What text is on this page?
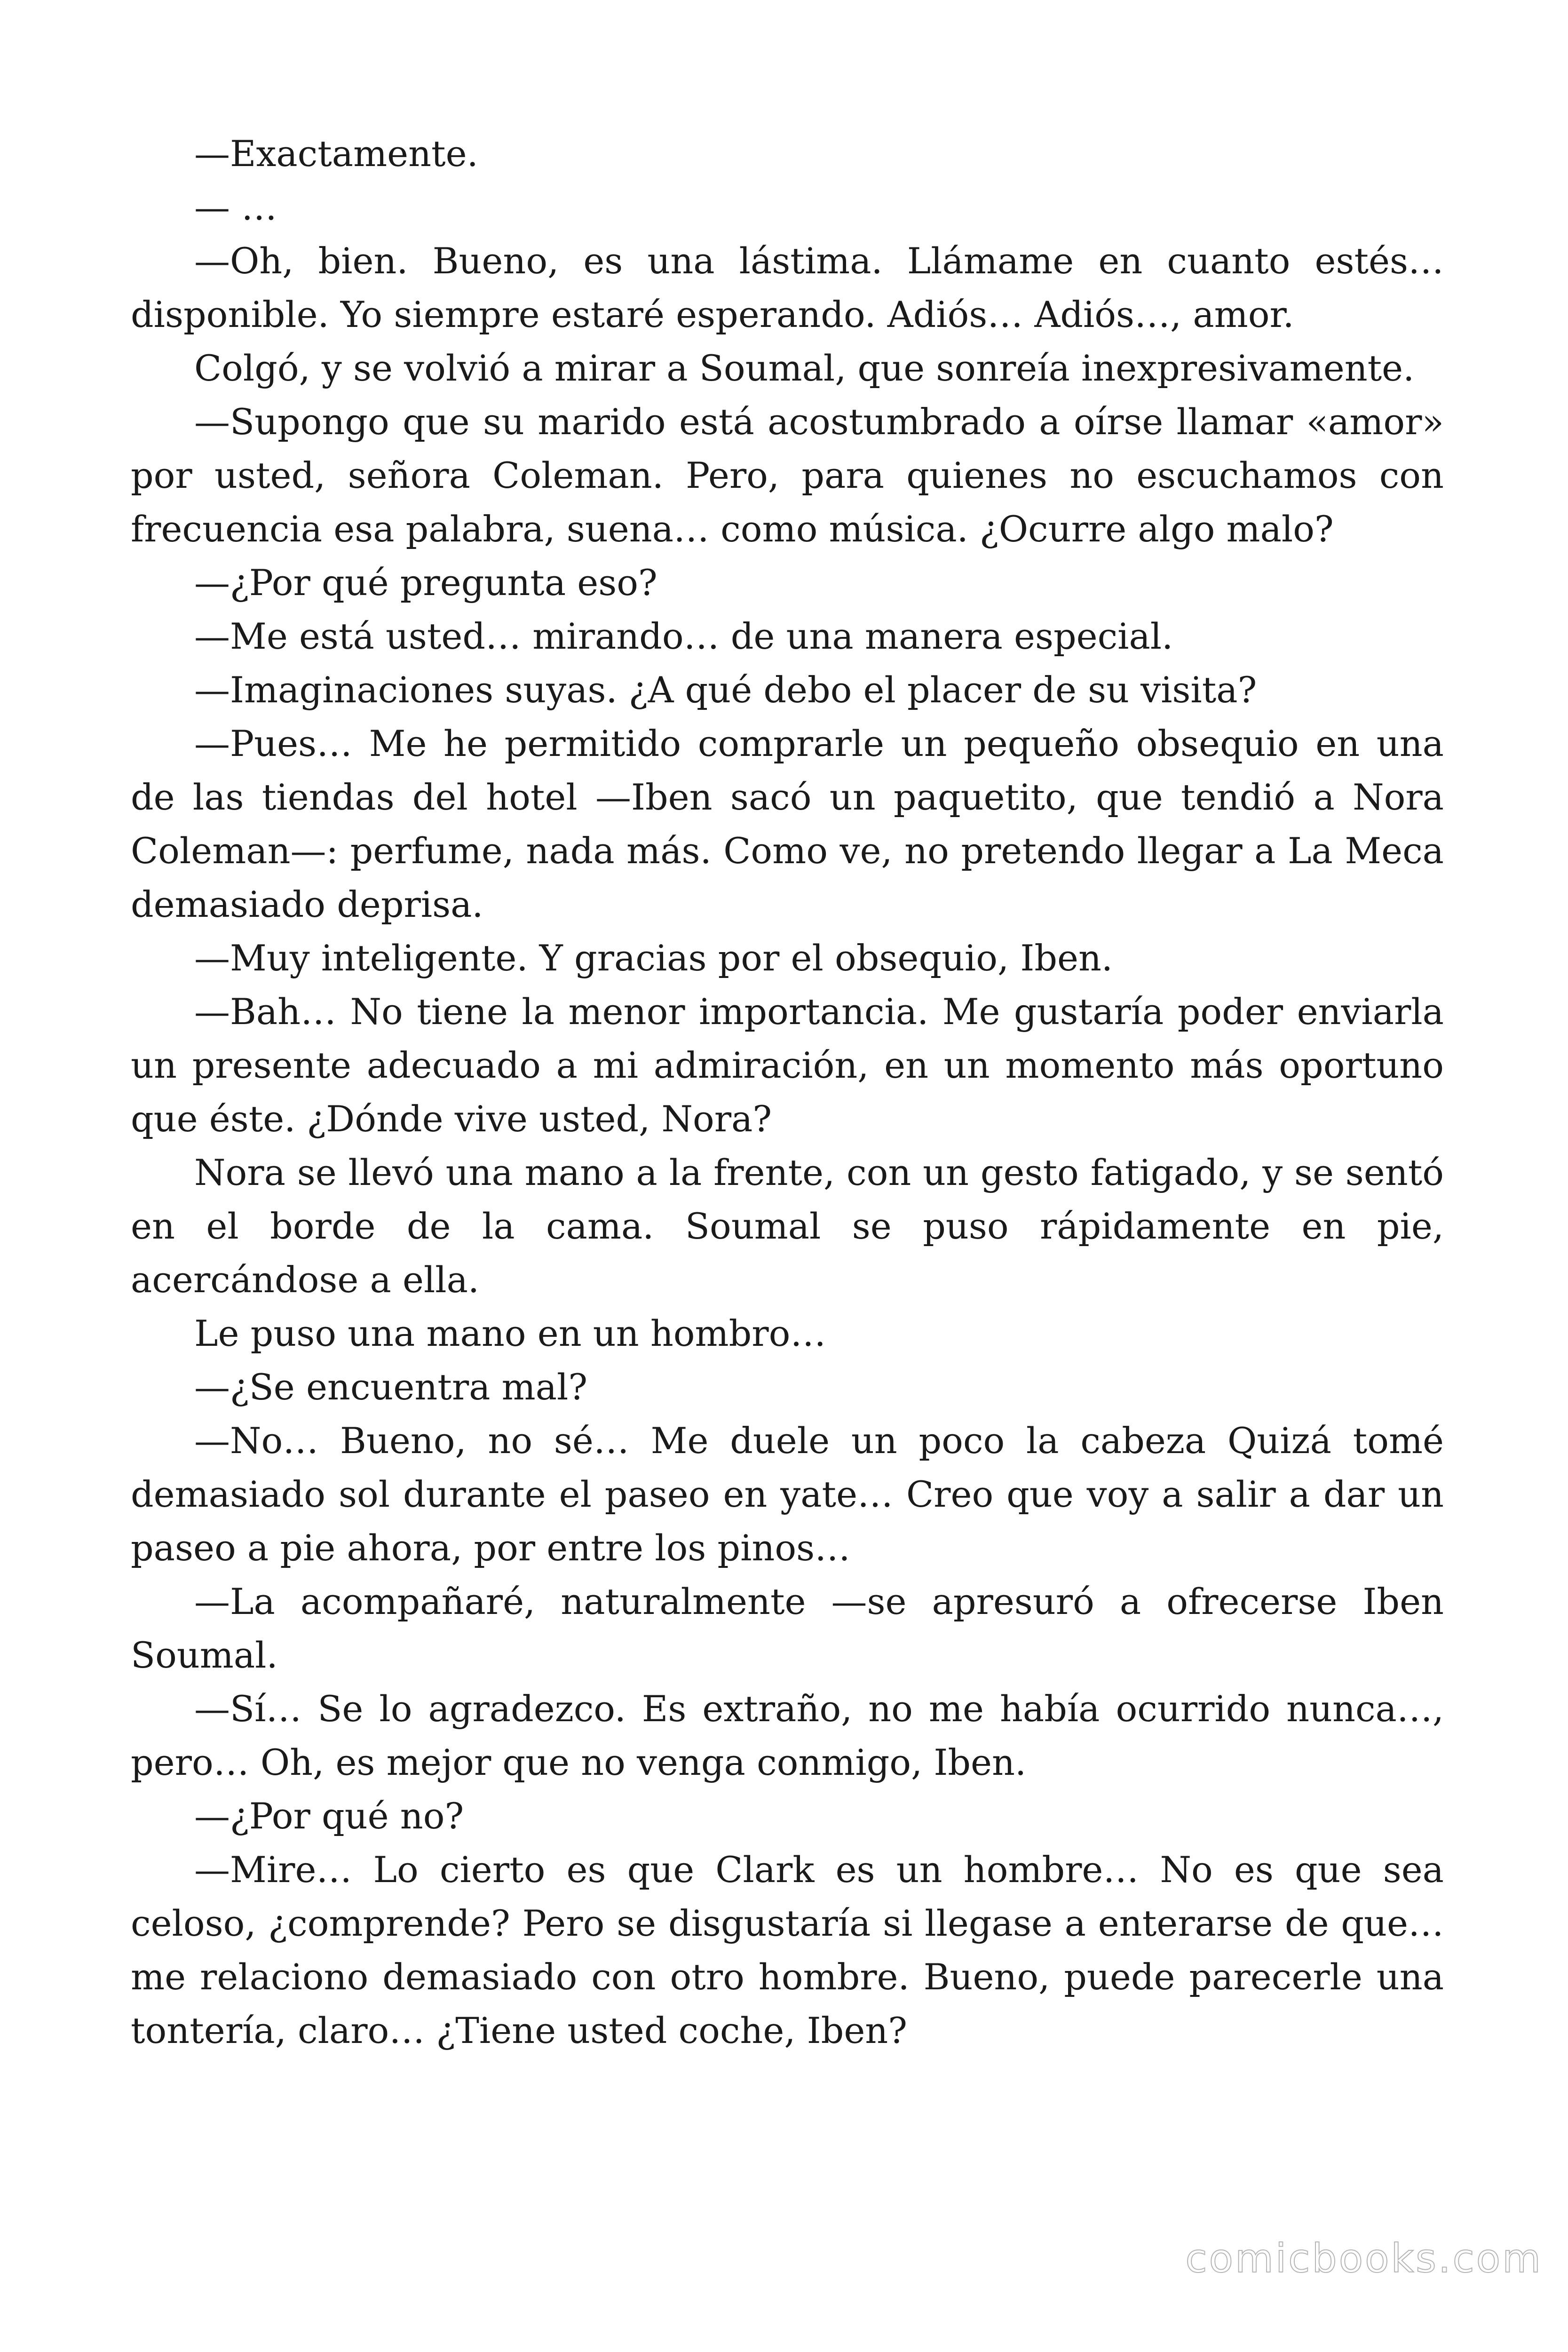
—Exactamente.

— …

—Oh, bien. Bueno, es una lástima. Llámame en cuanto estés… disponible. Yo siempre estaré esperando. Adiós… Adiós…, amor.

Colgó, y se volvió a mirar a Soumal, que sonreía inexpresivamente.

—Supongo que su marido está acostumbrado a oírse llamar «amor» por usted, señora Coleman. Pero, para quienes no escuchamos con frecuencia esa palabra, suena… como música. ¿Ocurre algo malo?

—¿Por qué pregunta eso?

—Me está usted… mirando… de una manera especial.

—Imaginaciones suyas. ¿A qué debo el placer de su visita?

—Pues… Me he permitido comprarle un pequeño obsequio en una de las tiendas del hotel —Iben sacó un paquetito, que tendió a Nora Coleman—: perfume, nada más. Como ve, no pretendo llegar a La Meca demasiado deprisa.

—Muy inteligente. Y gracias por el obsequio, Iben.

—Bah… No tiene la menor importancia. Me gustaría poder enviarla un presente adecuado a mi admiración, en un momento más oportuno que éste. ¿Dónde vive usted, Nora?

Nora se llevó una mano a la frente, con un gesto fatigado, y se sentó en el borde de la cama. Soumal se puso rápidamente en pie, acercándose a ella.

Le puso una mano en un hombro…

—¿Se encuentra mal?

—No… Bueno, no sé… Me duele un poco la cabeza Quizá tomé demasiado sol durante el paseo en yate… Creo que voy a salir a dar un paseo a pie ahora, por entre los pinos…

—La acompañaré, naturalmente —se apresuró a ofrecerse Iben Soumal.

—Sí… Se lo agradezco. Es extraño, no me había ocurrido nunca…, pero… Oh, es mejor que no venga conmigo, Iben.

—¿Por qué no?

—Mire… Lo cierto es que Clark es un hombre… No es que sea celoso, ¿comprende? Pero se disgustaría si llegase a enterarse de que… me relaciono demasiado con otro hombre. Bueno, puede parecerle una tontería, claro… ¿Tiene usted coche, Iben?

comicbooks.com
